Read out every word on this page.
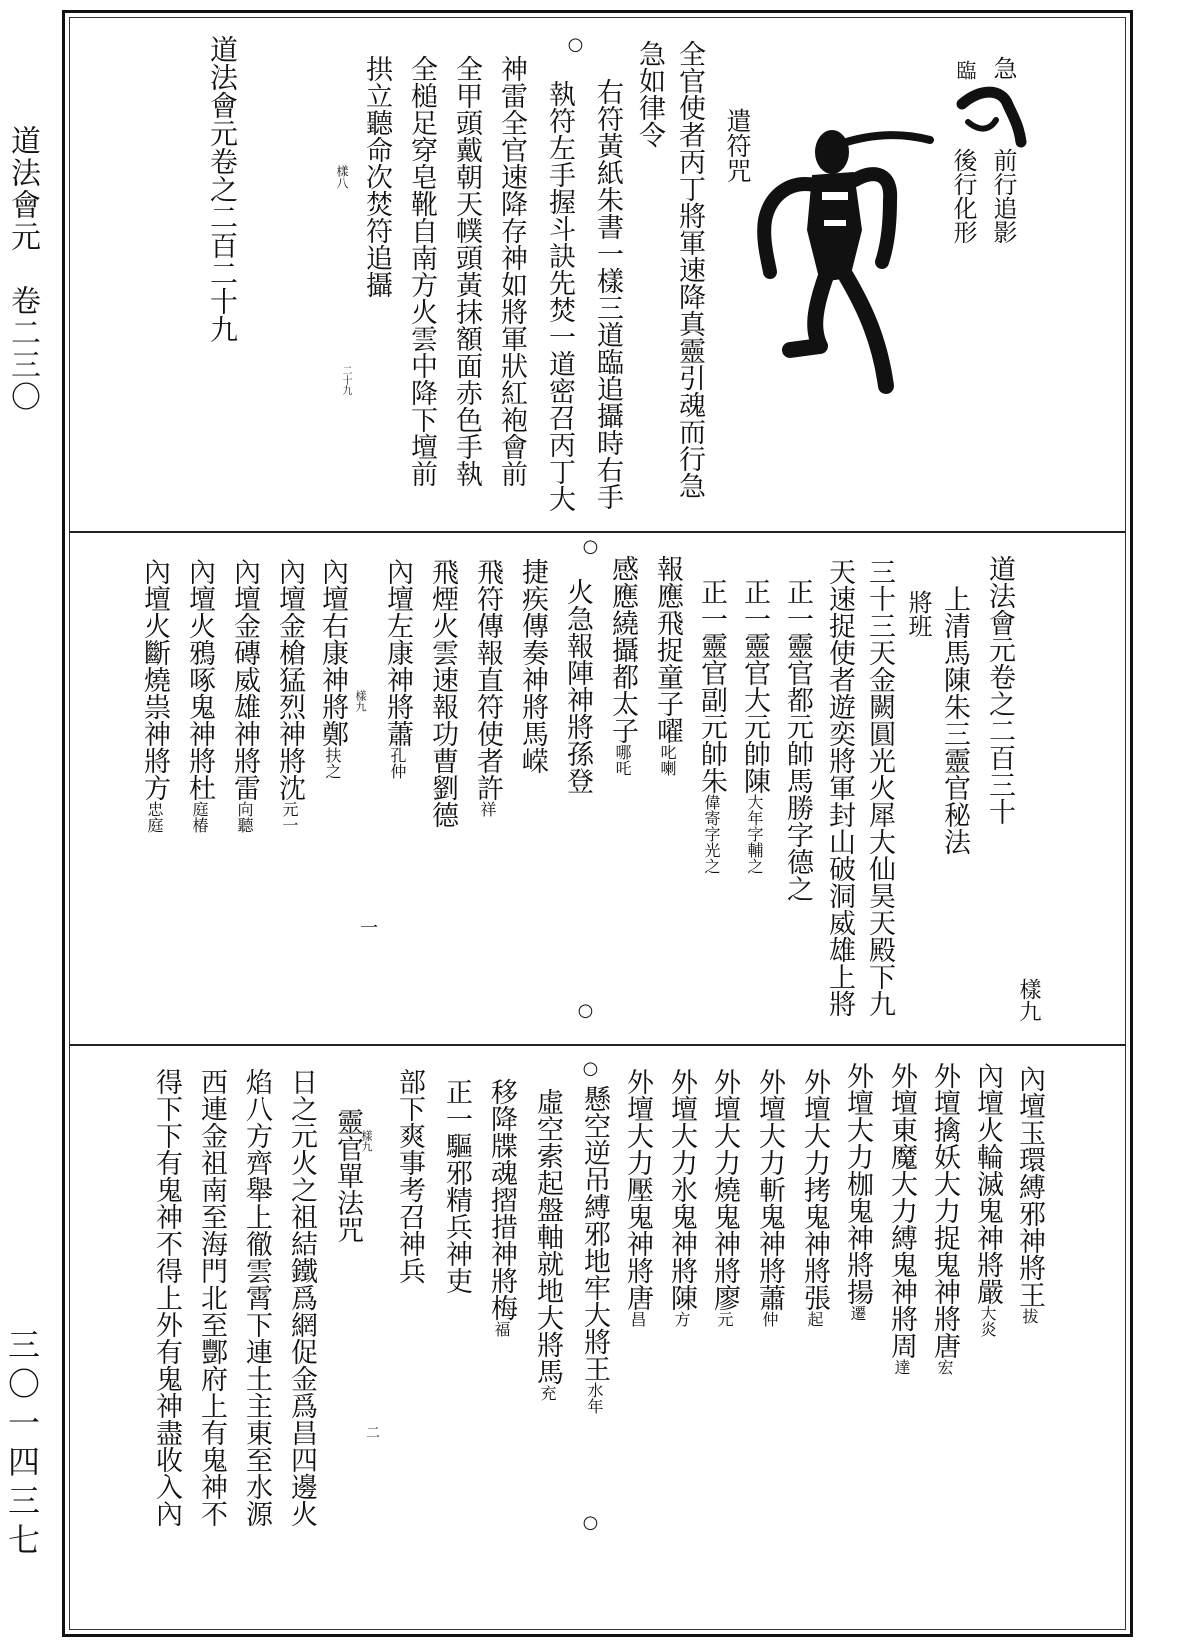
道法會元　卷二三〇
三〇一四三七
急
臨
前行追影
後行化形
遣符咒
全官使者丙丁將軍速降真靈引魂而行急
急如律令
右符黃紙朱書一樣三道臨追攝時右手
○
執符左手握斗訣先焚一道密召丙丁大
神雷全官速降存神如將軍狀紅袍會前
全甲頭戴朝天幞頭黃抹額面赤色手執
全槌足穿皂靴自南方火雲中降下壇前
拱立聽命次焚符追攝
樣八
二十九
道法會元卷之二百二十九
樣九
道法會元卷之二百三十
上清馬陳朱三靈官秘法
將班
三十三天金闕圓光火犀大仙昊天殿下九
天速捉使者遊奕將軍封山破洞威雄上將
正一靈官都元帥馬勝字德之
正一靈官大元帥陳大年字輔之
正一靈官副元帥朱偉寄字光之
報應飛捉童子嚁叱喇
感應繞攝都太子哪吒
○
火急報陣神將孫登
捷疾傳奏神將馬嵘
飛符傳報直符使者許祥
飛煙火雲速報功曹劉德
內壇左康神將蕭孔仲
樣九
內壇右康神將鄭扶之
內壇金槍猛烈神將沈元一
內壇金磚威雄神將雷向聽
內壇火鴉啄鬼神將杜庭椿
內壇火斷燒祟神將方忠庭
一
○
內壇玉環縛邪神將王拔
內壇火輪滅鬼神將嚴大炎
外壇擒妖大力捉鬼神將唐宏
外壇東魔大力縛鬼神將周達
外壇大力枷鬼神將揚遷
外壇大力拷鬼神將張起
外壇大力斬鬼神將蕭仲
外壇大力燒鬼神將廖元
外壇大力氷鬼神將陳方
外壇大力壓鬼神將唐昌
○
懸空逆吊縛邪地牢大將王水年
虛空索起盤軸就地大將馬充
移降牒魂摺措神將梅福
正一驅邪精兵神吏
部下爽事考召神兵
樣九
靈官單法咒
日之元火之祖結鐵爲網促金爲昌四邊火
焰八方齊舉上徹雲霄下連土主東至水源
西連金祖南至海門北至酆府上有鬼神不
得下下有鬼神不得上外有鬼神盡收入內	二
○
